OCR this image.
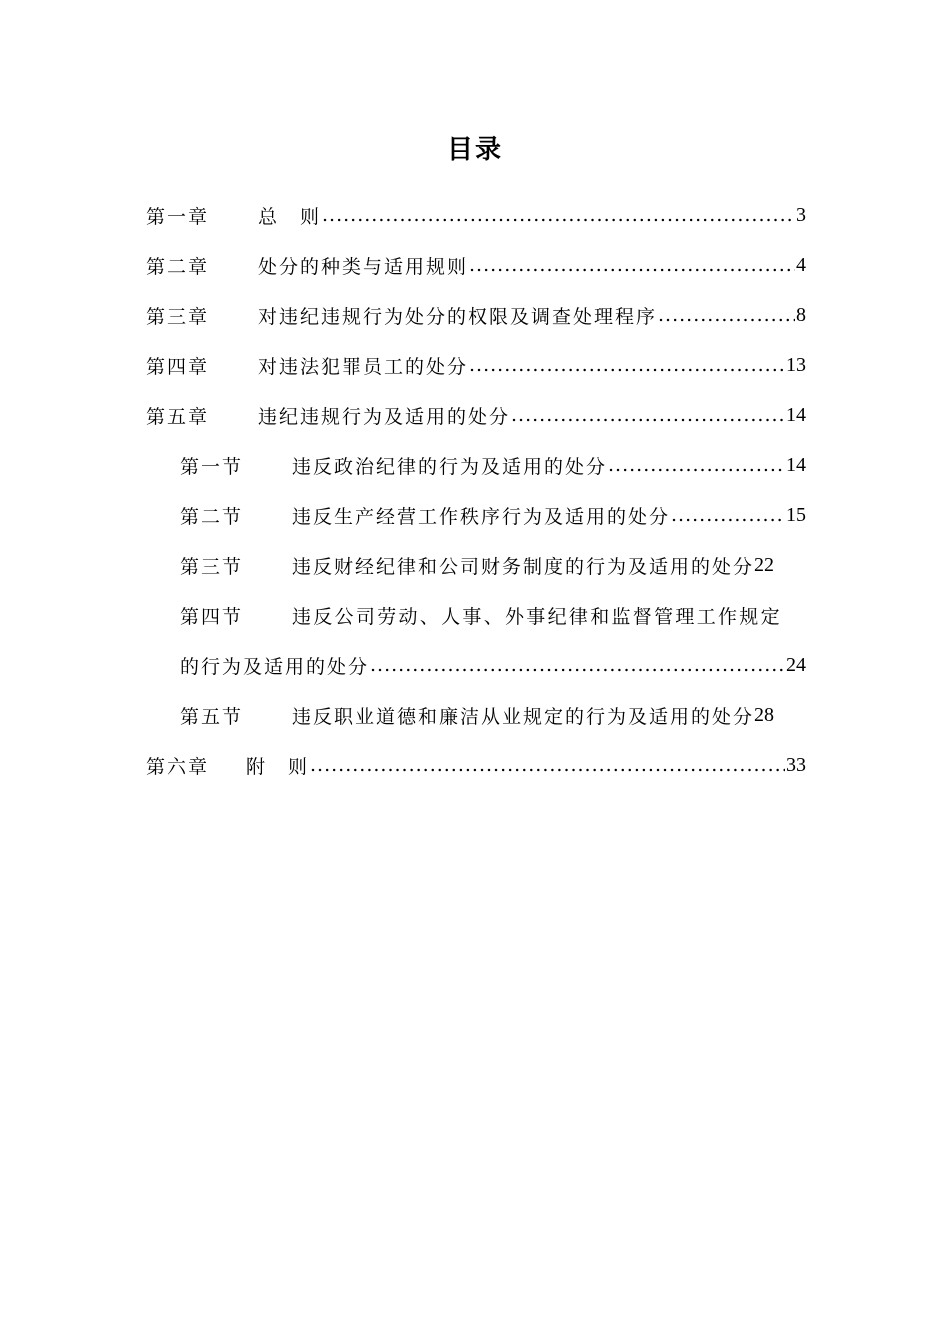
目录
第一章	总　则 .....	3
第二章	处分的种类与适用规则 .....	4
第三章	对违纪违规行为处分的权限及调查处理程序 .....	8
第四章	对违法犯罪员工的处分 .....	13
第五章	违纪违规行为及适用的处分 .....	14
第一节	违反政治纪律的行为及适用的处分 .....	14
第二节	违反生产经营工作秩序行为及适用的处分 .....	15
第三节	违反财经纪律和公司财务制度的行为及适用的处分 22
第四节	违反公司劳动、人事、外事纪律和监督管理工作规定
的行为及适用的处分 .....	24
第五节	违反职业道德和廉洁从业规定的行为及适用的处分 28
第六章	附　则 .....	33
